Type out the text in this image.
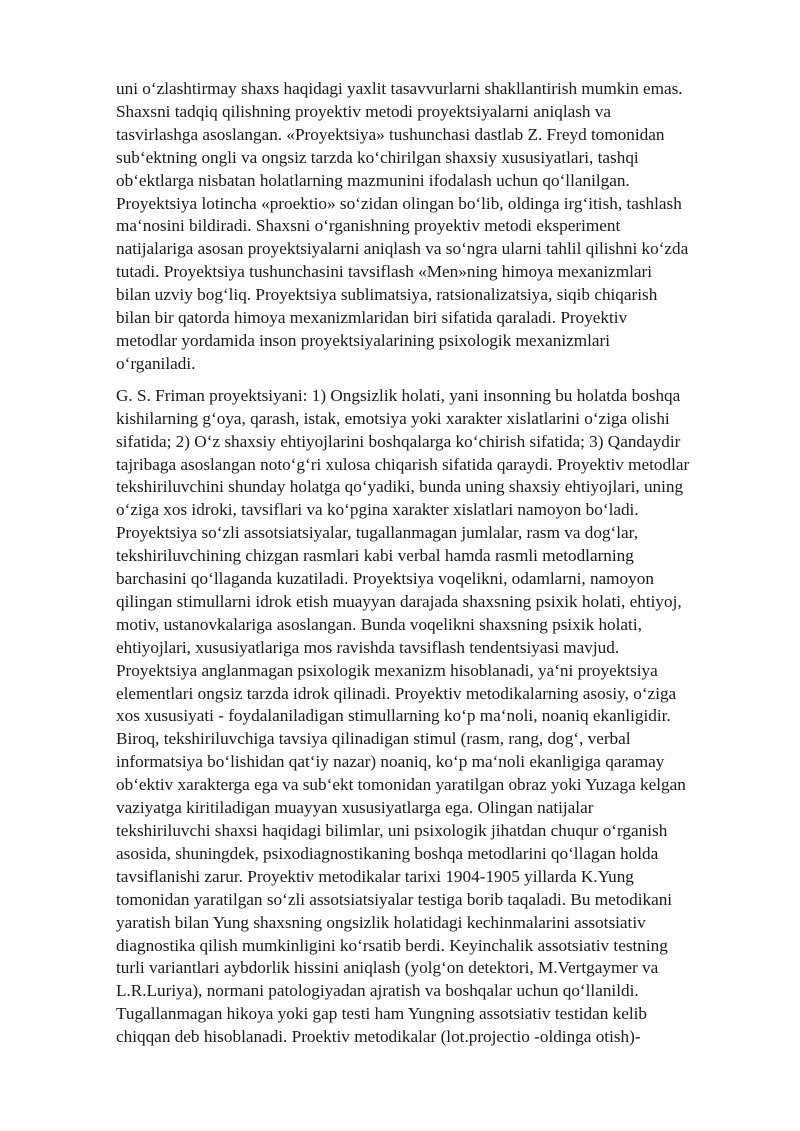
uni o‘zlashtirmay shaxs haqidagi yaxlit tasavvurlarni shakllantirish mumkin emas.
Shaxsni tadqiq qilishning proyektiv metodi proyektsiyalarni aniqlash va
tasvirlashga asoslangan. «Proyektsiya» tushunchasi dastlab Z. Freyd tomonidan
sub‘ektning ongli va ongsiz tarzda ko‘chirilgan shaxsiy xususiyatlari, tashqi
ob‘ektlarga nisbatan holatlarning mazmunini ifodalash uchun qo‘llanilgan.
Proyektsiya lotincha «proektio» so‘zidan olingan bo‘lib, oldinga irg‘itish, tashlash
ma‘nosini bildiradi. Shaxsni o‘rganishning proyektiv metodi eksperiment
natijalariga asosan proyektsiyalarni aniqlash va so‘ngra ularni tahlil qilishni ko‘zda
tutadi. Proyektsiya tushunchasini tavsiflash «Men»ning himoya mexanizmlari
bilan uzviy bog‘liq. Proyektsiya sublimatsiya, ratsionalizatsiya, siqib chiqarish
bilan bir qatorda himoya mexanizmlaridan biri sifatida qaraladi. Proyektiv
metodlar yordamida inson proyektsiyalarining psixologik mexanizmlari
o‘rganiladi.

G. S. Friman proyektsiyani: 1) Ongsizlik holati, yani insonning bu holatda boshqa
kishilarning g‘oya, qarash, istak, emotsiya yoki xarakter xislatlarini o‘ziga olishi
sifatida; 2) O‘z shaxsiy ehtiyojlarini boshqalarga ko‘chirish sifatida; 3) Qandaydir
tajribaga asoslangan noto‘g‘ri xulosa chiqarish sifatida qaraydi. Proyektiv metodlar
tekshiriluvchini shunday holatga qo‘yadiki, bunda uning shaxsiy ehtiyojlari, uning
o‘ziga xos idroki, tavsiflari va ko‘pgina xarakter xislatlari namoyon bo‘ladi.
Proyektsiya so‘zli assotsiatsiyalar, tugallanmagan jumlalar, rasm va dog‘lar,
tekshiriluvchining chizgan rasmlari kabi verbal hamda rasmli metodlarning
barchasini qo‘llaganda kuzatiladi. Proyektsiya voqelikni, odamlarni, namoyon
qilingan stimullarni idrok etish muayyan darajada shaxsning psixik holati, ehtiyoj,
motiv, ustanovkalariga asoslangan. Bunda voqelikni shaxsning psixik holati,
ehtiyojlari, xususiyatlariga mos ravishda tavsiflash tendentsiyasi mavjud.
Proyektsiya anglanmagan psixologik mexanizm hisoblanadi, ya‘ni proyektsiya
elementlari ongsiz tarzda idrok qilinadi. Proyektiv metodikalarning asosiy, o‘ziga
xos xususiyati - foydalaniladigan stimullarning ko‘p ma‘noli, noaniq ekanligidir.
Biroq, tekshiriluvchiga tavsiya qilinadigan stimul (rasm, rang, dog‘, verbal
informatsiya bo‘lishidan qat‘iy nazar) noaniq, ko‘p ma‘noli ekanligiga qaramay
ob‘ektiv xarakterga ega va sub‘ekt tomonidan yaratilgan obraz yoki Yuzaga kelgan
vaziyatga kiritiladigan muayyan xususiyatlarga ega. Olingan natijalar
tekshiriluvchi shaxsi haqidagi bilimlar, uni psixologik jihatdan chuqur o‘rganish
asosida, shuningdek, psixodiagnostikaning boshqa metodlarini qo‘llagan holda
tavsiflanishi zarur. Proyektiv metodikalar tarixi 1904-1905 yillarda K.Yung
tomonidan yaratilgan so‘zli assotsiatsiyalar testiga borib taqaladi. Bu metodikani
yaratish bilan Yung shaxsning ongsizlik holatidagi kechinmalarini assotsiativ
diagnostika qilish mumkinligini ko‘rsatib berdi. Keyinchalik assotsiativ testning
turli variantlari aybdorlik hissini aniqlash (yolg‘on detektori, M.Vertgaymer va
L.R.Luriya), normani patologiyadan ajratish va boshqalar uchun qo‘llanildi.
Tugallanmagan hikoya yoki gap testi ham Yungning assotsiativ testidan kelib
chiqqan deb hisoblanadi. Proektiv metodikalar (lot.projectio -oldinga otish)-
